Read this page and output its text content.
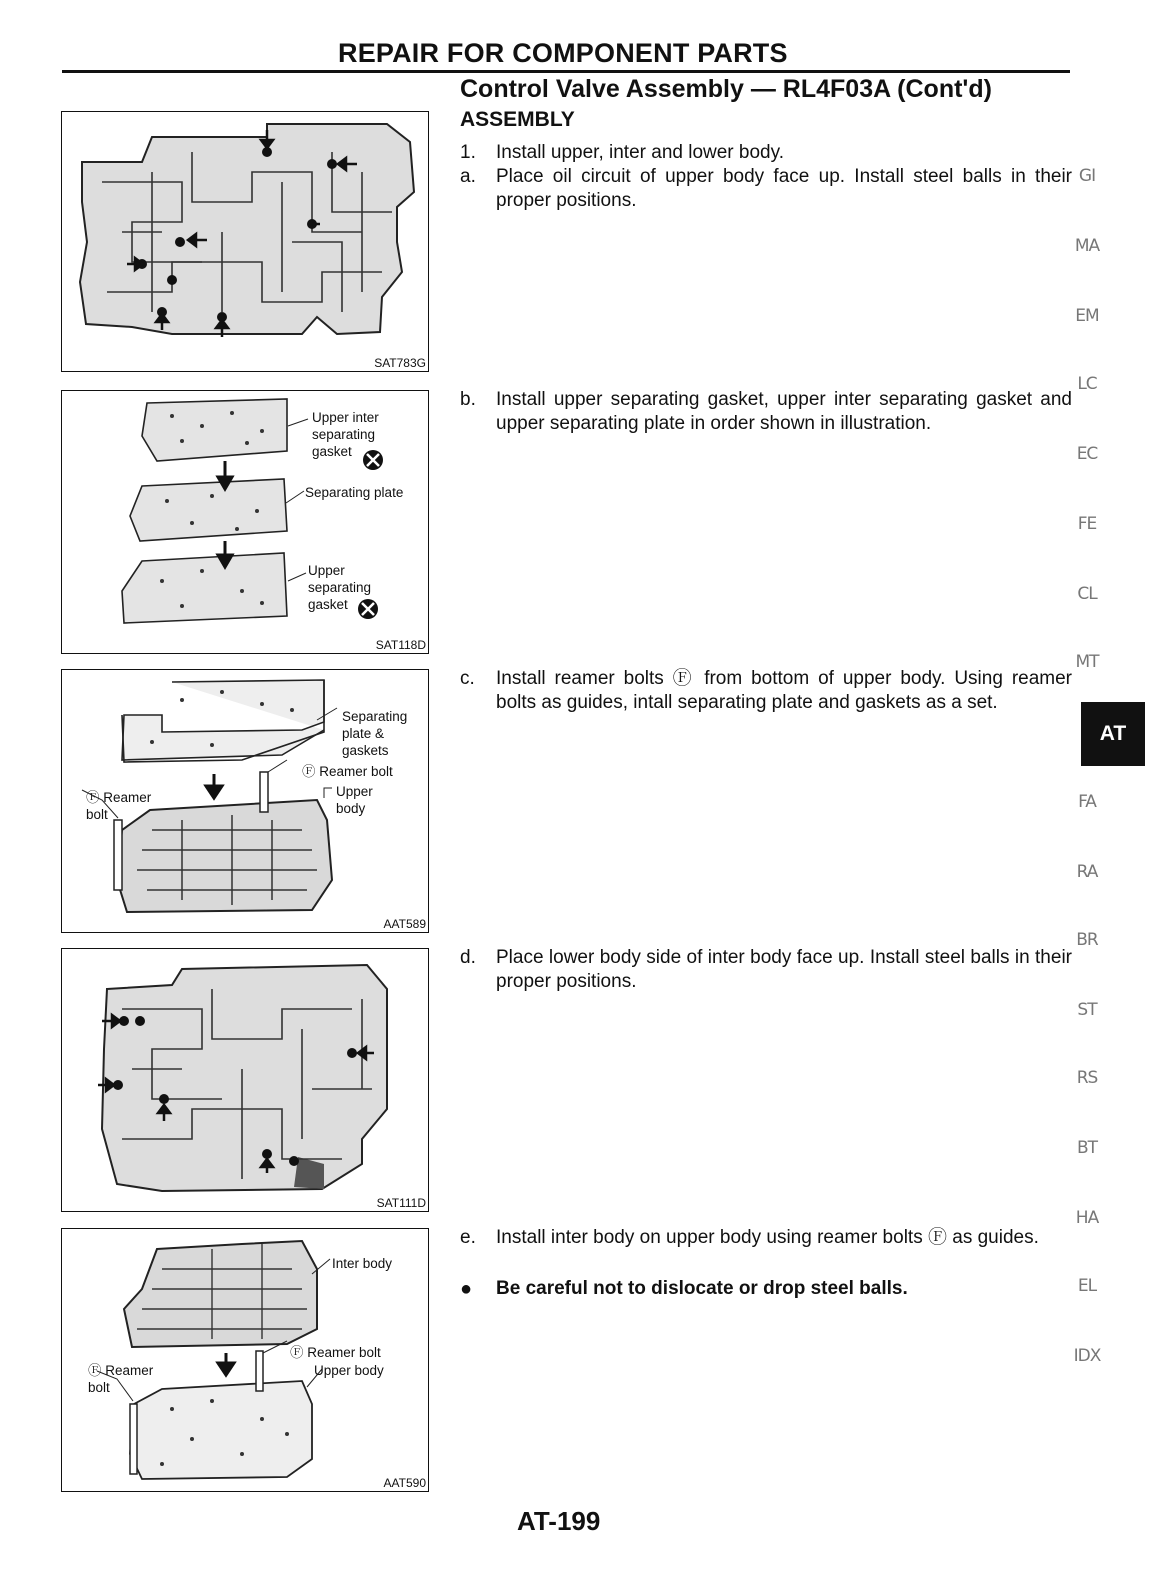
REPAIR FOR COMPONENT PARTS
Control Valve Assembly — RL4F03A (Cont'd)
ASSEMBLY
1.	Install upper, inter and lower body.
a.	Place oil circuit of upper body face up. Install steel balls in their proper positions.
b.	Install upper separating gasket, upper inter separating gasket and upper separating plate in order shown in illustration.
c.	Install reamer bolts Ⓕ from bottom of upper body. Using reamer bolts as guides, intall separating plate and gaskets as a set.
d.	Place lower body side of inter body face up. Install steel balls in their proper positions.
e.	Install inter body on upper body using reamer bolts Ⓕ as guides.
●	Be careful not to dislocate or drop steel balls.
SAT783G
Upper inter
separating
gasket
Separating plate
Upper
separating
gasket
SAT118D
Separating
plate &
gaskets
Ⓕ Reamer bolt
Upper
body
Ⓕ Reamer
bolt
AAT589
SAT111D
Inter body
Ⓕ Reamer bolt
Upper body
Ⓕ Reamer
bolt
AAT590
GI
MA
EM
LC
EC
FE
CL
MT
AT
FA
RA
BR
ST
RS
BT
HA
EL
IDX
AT-199
